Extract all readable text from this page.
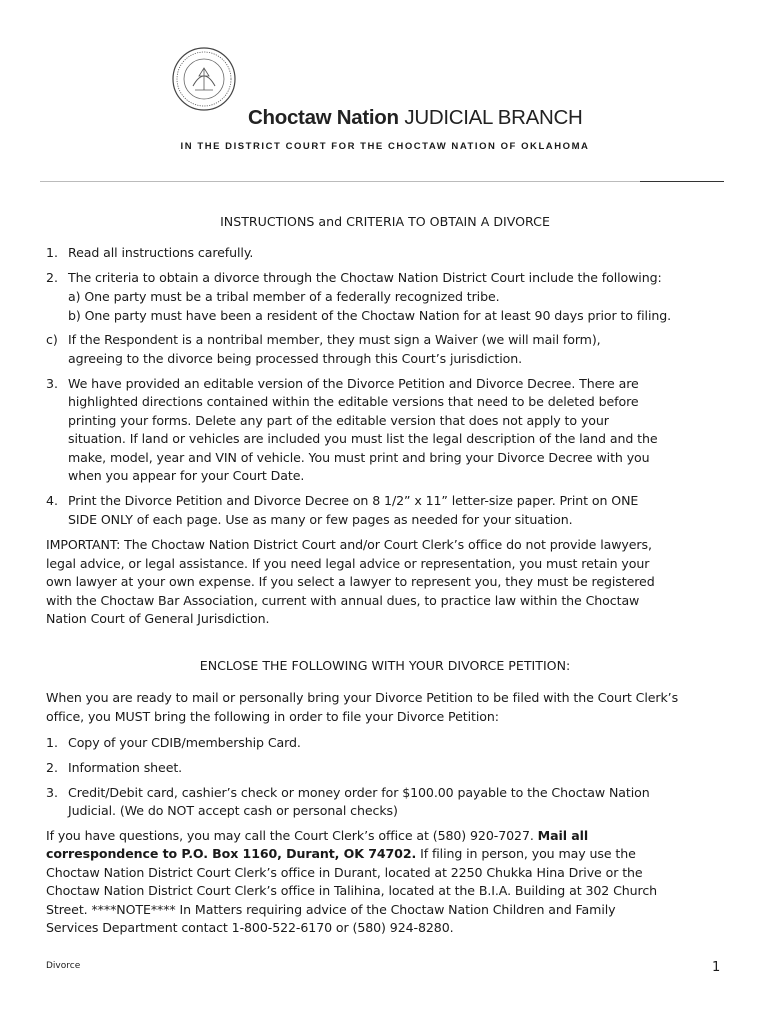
Choctaw Nation JUDICIAL BRANCH
IN THE DISTRICT COURT FOR THE CHOCTAW NATION OF OKLAHOMA
INSTRUCTIONS and CRITERIA TO OBTAIN A DIVORCE
1. Read all instructions carefully.
2. The criteria to obtain a divorce through the Choctaw Nation District Court include the following:
a) One party must be a tribal member of a federally recognized tribe.
b) One party must have been a resident of the Choctaw Nation for at least 90 days prior to filing.
c) If the Respondent is a nontribal member, they must sign a Waiver (we will mail form),
agreeing to the divorce being processed through this Court’s jurisdiction.
3. We have provided an editable version of the Divorce Petition and Divorce Decree. There are
highlighted directions contained within the editable versions that need to be deleted before
printing your forms. Delete any part of the editable version that does not apply to your
situation. If land or vehicles are included you must list the legal description of the land and the
make, model, year and VIN of vehicle. You must print and bring your Divorce Decree with you
when you appear for your Court Date.
4. Print the Divorce Petition and Divorce Decree on 8 1/2” x 11” letter-size paper. Print on ONE
SIDE ONLY of each page. Use as many or few pages as needed for your situation.
IMPORTANT: The Choctaw Nation District Court and/or Court Clerk’s office do not provide lawyers,
legal advice, or legal assistance. If you need legal advice or representation, you must retain your
own lawyer at your own expense. If you select a lawyer to represent you, they must be registered
with the Choctaw Bar Association, current with annual dues, to practice law within the Choctaw
Nation Court of General Jurisdiction.
ENCLOSE THE FOLLOWING WITH YOUR DIVORCE PETITION:
When you are ready to mail or personally bring your Divorce Petition to be filed with the Court Clerk’s
office, you MUST bring the following in order to file your Divorce Petition:
1. Copy of your CDIB/membership Card.
2. Information sheet.
3. Credit/Debit card, cashier’s check or money order for $100.00 payable to the Choctaw Nation
Judicial. (We do NOT accept cash or personal checks)
If you have questions, you may call the Court Clerk’s office at (580) 920-7027. Mail all
correspondence to P.O. Box 1160, Durant, OK 74702. If filing in person, you may use the
Choctaw Nation District Court Clerk’s office in Durant, located at 2250 Chukka Hina Drive or the
Choctaw Nation District Court Clerk’s office in Talihina, located at the B.I.A. Building at 302 Church
Street. ****NOTE**** In Matters requiring advice of the Choctaw Nation Children and Family
Services Department contact 1-800-522-6170 or (580) 924-8280.
Divorce	1
